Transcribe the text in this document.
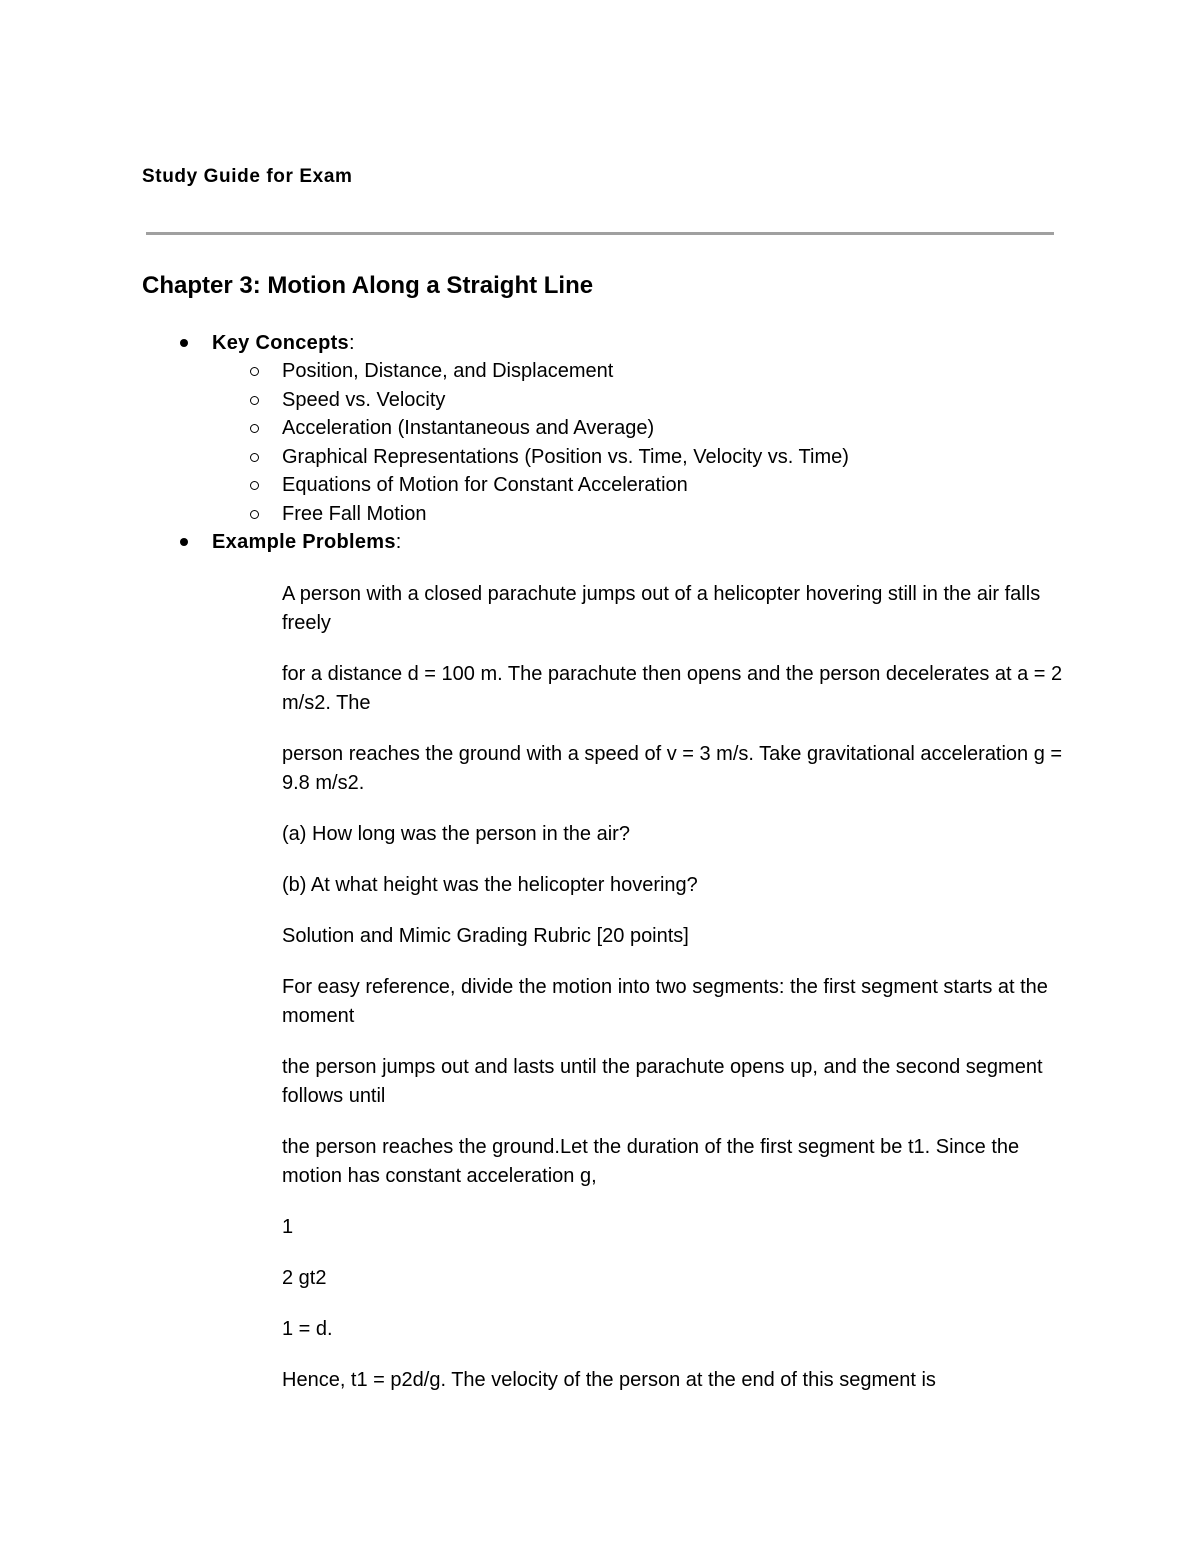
Study Guide for Exam
Chapter 3: Motion Along a Straight Line
Key Concepts:
Position, Distance, and Displacement
Speed vs. Velocity
Acceleration (Instantaneous and Average)
Graphical Representations (Position vs. Time, Velocity vs. Time)
Equations of Motion for Constant Acceleration
Free Fall Motion
Example Problems:

A person with a closed parachute jumps out of a helicopter hovering still in the air falls freely

for a distance d = 100 m. The parachute then opens and the person decelerates at a = 2 m/s2. The

person reaches the ground with a speed of v = 3 m/s. Take gravitational acceleration g = 9.8 m/s2.

(a) How long was the person in the air?

(b) At what height was the helicopter hovering?

Solution and Mimic Grading Rubric [20 points]

For easy reference, divide the motion into two segments: the first segment starts at the moment

the person jumps out and lasts until the parachute opens up, and the second segment follows until

the person reaches the ground.Let the duration of the first segment be t1. Since the motion has constant acceleration g,

1

2 gt2

1 = d.

Hence, t1 = p2d/g. The velocity of the person at the end of this segment is
